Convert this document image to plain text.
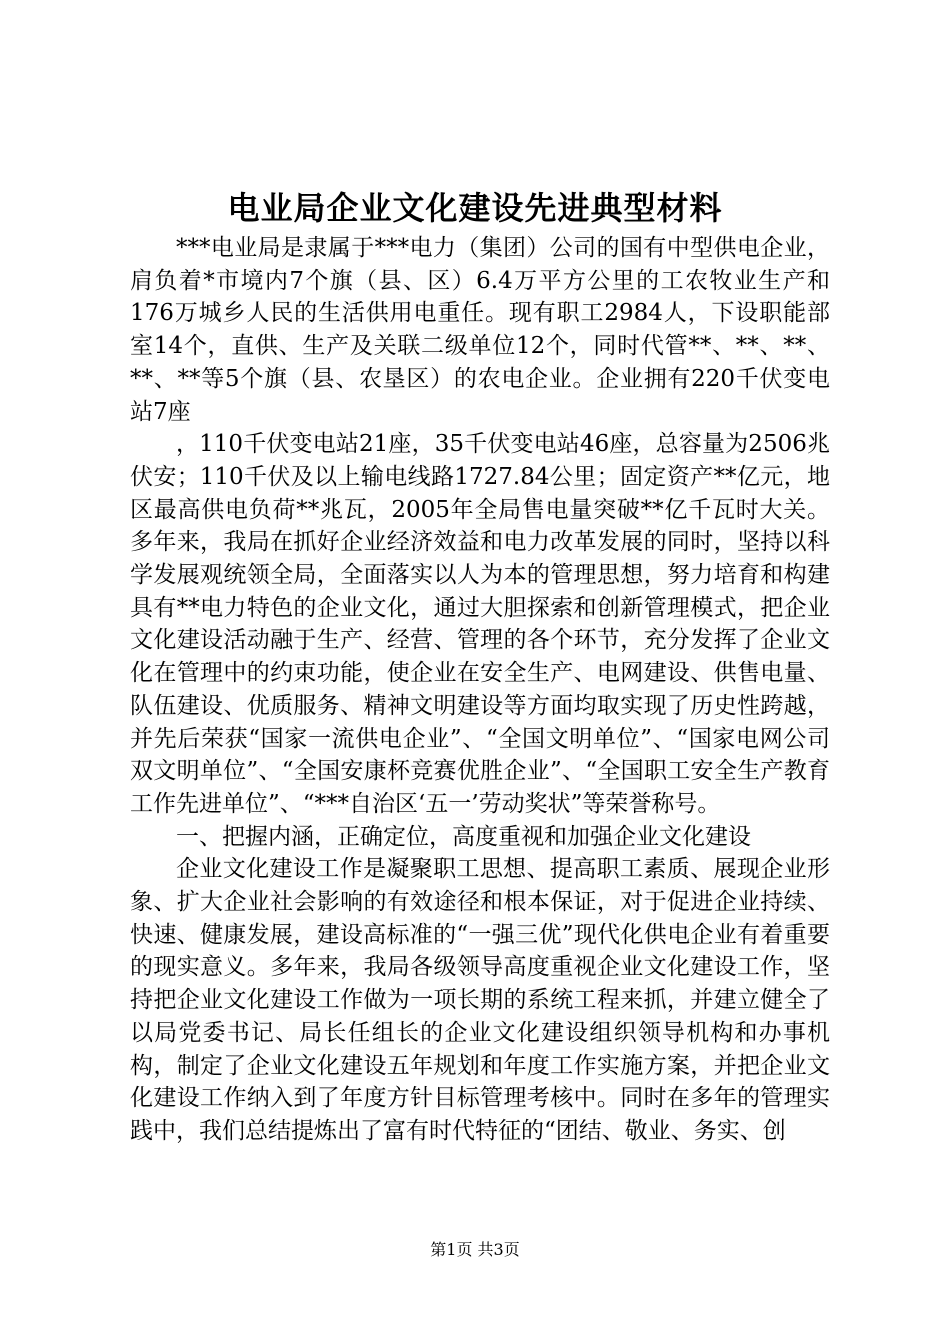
电业局企业文化建设先进典型材料

***电业局是隶属于***电力（集团）公司的国有中型供电企业，肩负着*市境内7个旗（县、区）6.4万平方公里的工农牧业生产和176万城乡人民的生活供用电重任。现有职工2984人，下设职能部室14个，直供、生产及关联二级单位12个，同时代管**、**、**、**、**等5个旗（县、农垦区）的农电企业。企业拥有220千伏变电站7座

，110千伏变电站21座，35千伏变电站46座，总容量为2506兆伏安；110千伏及以上输电线路1727.84公里；固定资产**亿元，地区最高供电负荷**兆瓦，2005年全局售电量突破**亿千瓦时大关。多年来，我局在抓好企业经济效益和电力改革发展的同时，坚持以科学发展观统领全局，全面落实以人为本的管理思想，努力培育和构建具有**电力特色的企业文化，通过大胆探索和创新管理模式，把企业文化建设活动融于生产、经营、管理的各个环节，充分发挥了企业文化在管理中的约束功能，使企业在安全生产、电网建设、供售电量、队伍建设、优质服务、精神文明建设等方面均取实现了历史性跨越，并先后荣获“国家一流供电企业”、“全国文明单位”、“国家电网公司双文明单位”、“全国安康杯竞赛优胜企业”、“全国职工安全生产教育工作先进单位”、“***自治区‘五一’劳动奖状”等荣誉称号。

一、把握内涵，正确定位，高度重视和加强企业文化建设

企业文化建设工作是凝聚职工思想、提高职工素质、展现企业形象、扩大企业社会影响的有效途径和根本保证，对于促进企业持续、快速、健康发展，建设高标准的“一强三优”现代化供电企业有着重要的现实意义。多年来，我局各级领导高度重视企业文化建设工作，坚持把企业文化建设工作做为一项长期的系统工程来抓，并建立健全了以局党委书记、局长任组长的企业文化建设组织领导机构和办事机构，制定了企业文化建设五年规划和年度工作实施方案，并把企业文化建设工作纳入到了年度方针目标管理考核中。同时在多年的管理实践中，我们总结提炼出了富有时代特征的“团结、敬业、务实、创

第1页 共3页
